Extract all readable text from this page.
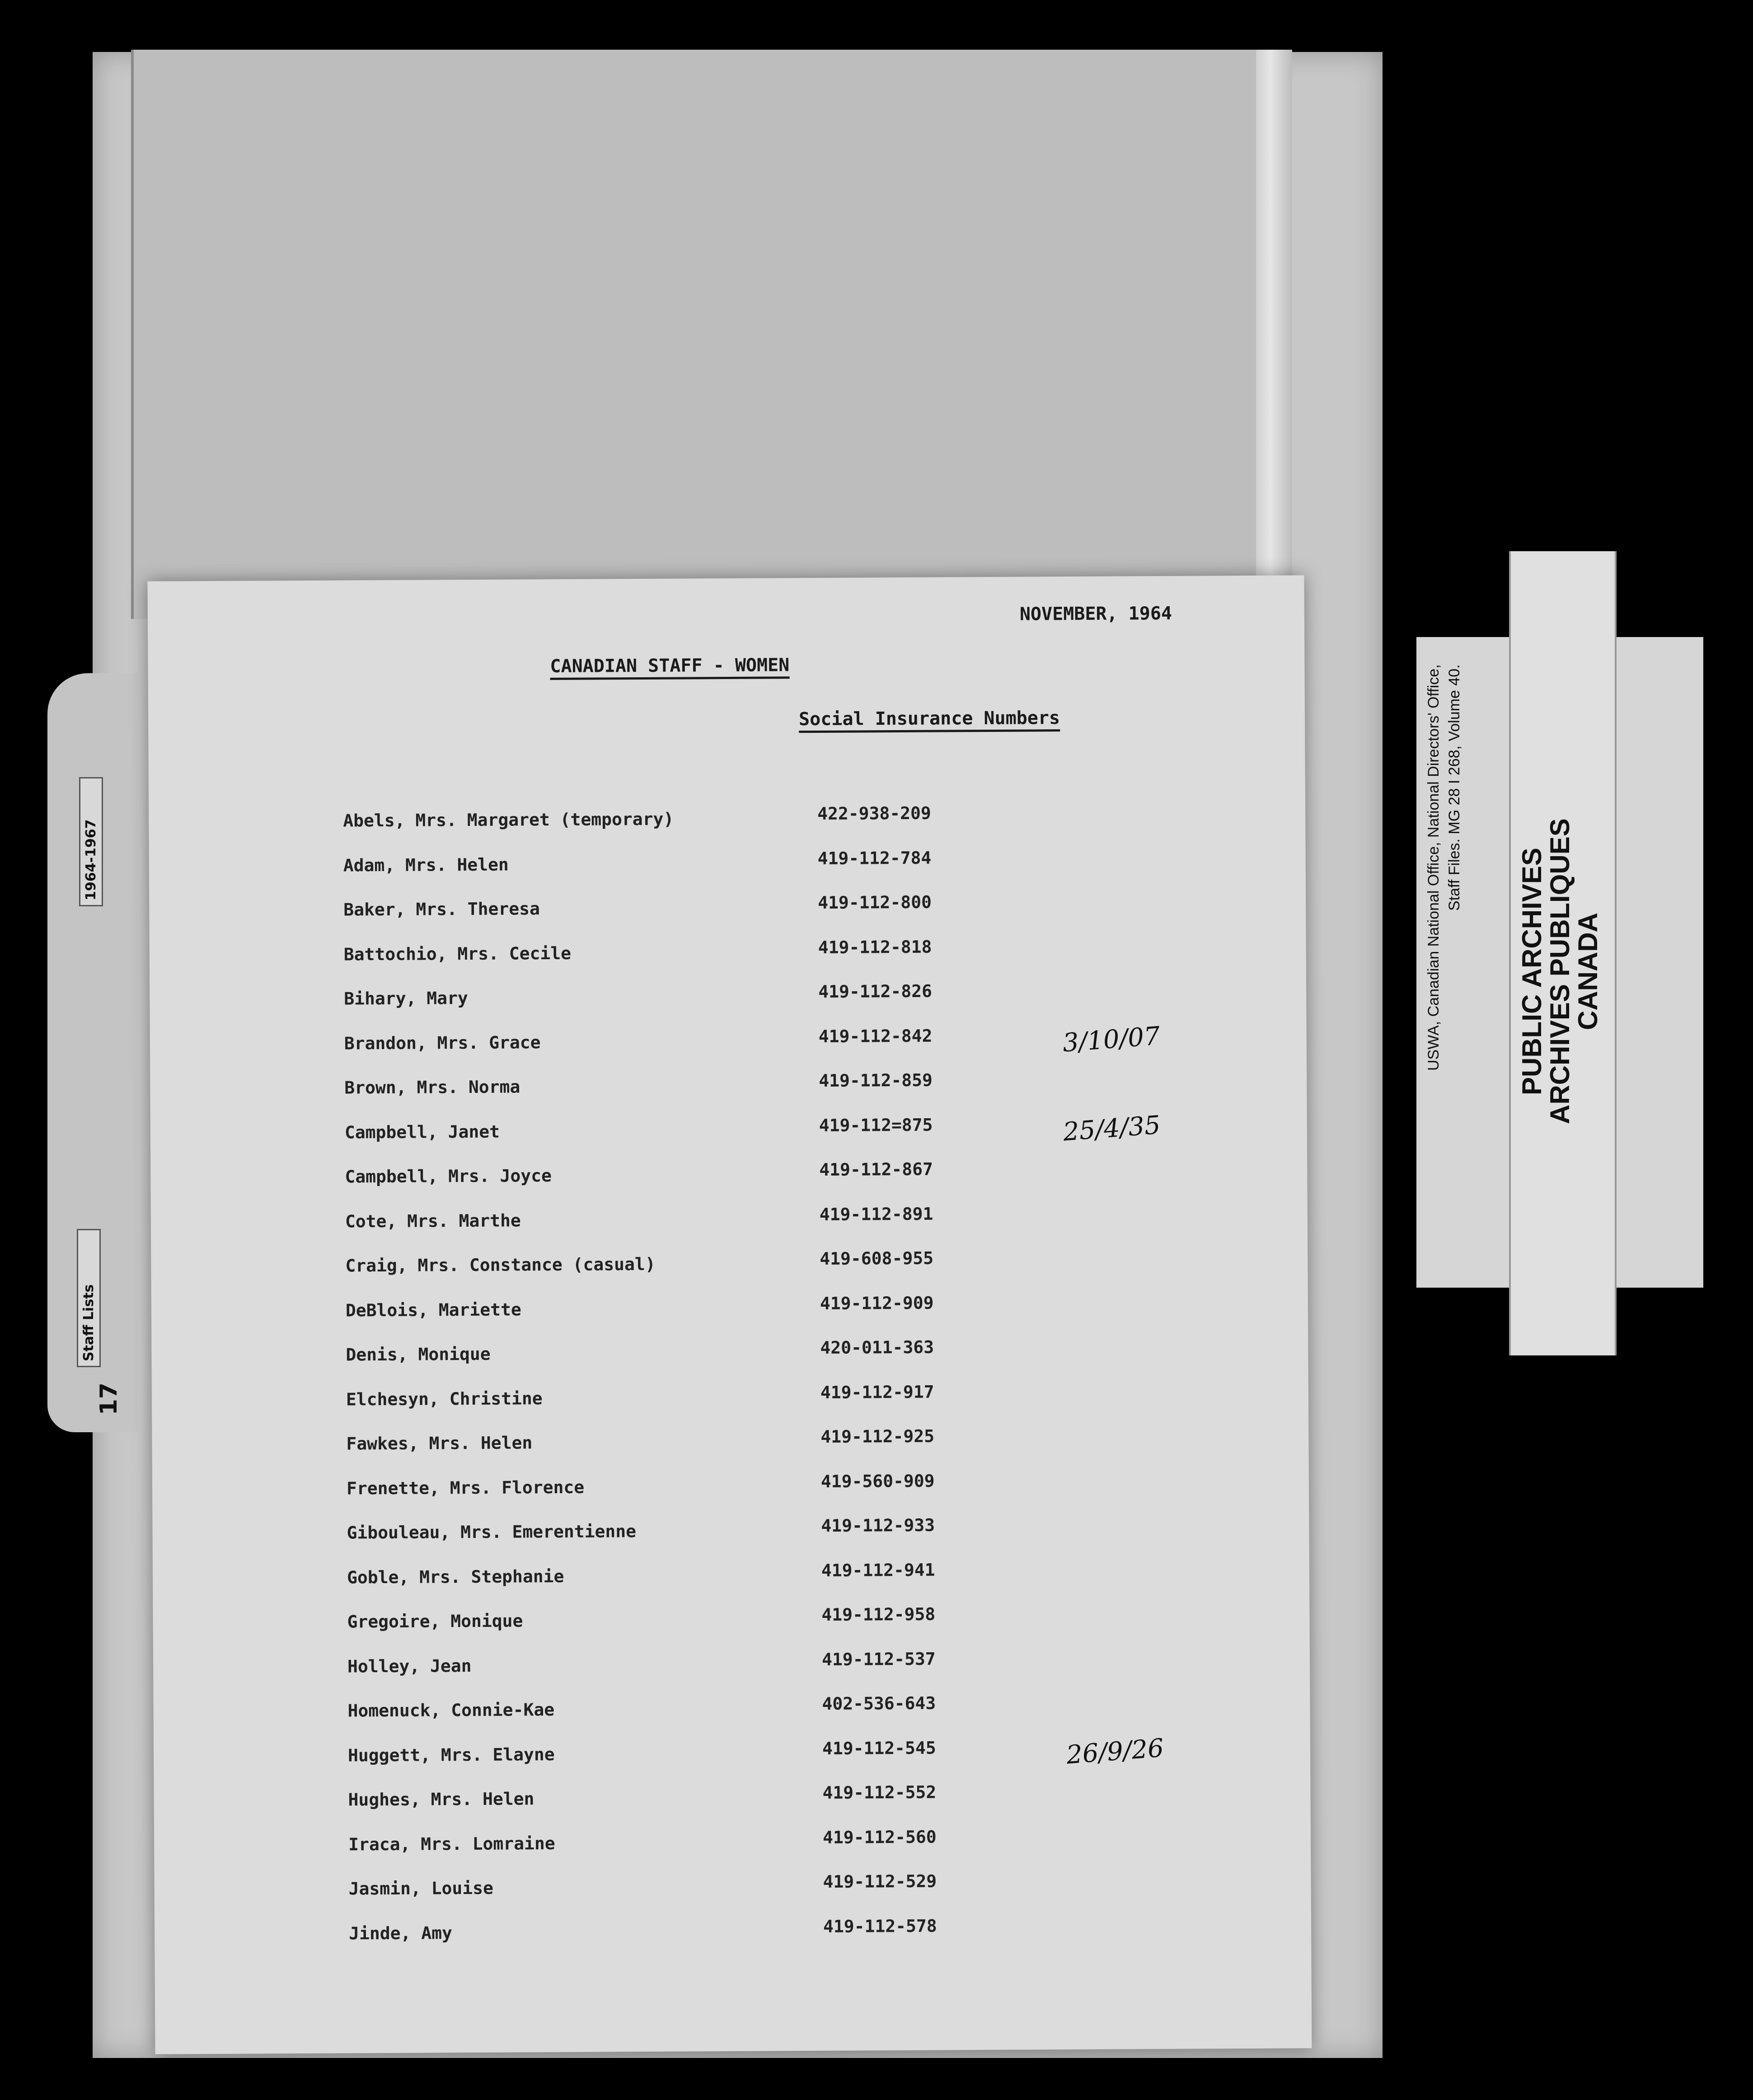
1964-1967
Staff Lists
17
NOVEMBER, 1964
CANADIAN STAFF - WOMEN
Social Insurance Numbers
Abels, Mrs. Margaret (temporary)	422-938-209
Adam, Mrs. Helen	419-112-784
Baker, Mrs. Theresa	419-112-800
Battochio, Mrs. Cecile	419-112-818
Bihary, Mary	419-112-826
Brandon, Mrs. Grace	419-112-842	3/10/07
Brown, Mrs. Norma	419-112-859
Campbell, Janet	419-112=875	25/4/35
Campbell, Mrs. Joyce	419-112-867
Cote, Mrs. Marthe	419-112-891
Craig, Mrs. Constance (casual)	419-608-955
DeBlois, Mariette	419-112-909
Denis, Monique	420-011-363
Elchesyn, Christine	419-112-917
Fawkes, Mrs. Helen	419-112-925
Frenette, Mrs. Florence	419-560-909
Gibouleau, Mrs. Emerentienne	419-112-933
Goble, Mrs. Stephanie	419-112-941
Gregoire, Monique	419-112-958
Holley, Jean	419-112-537
Homenuck, Connie-Kae	402-536-643
Huggett, Mrs. Elayne	419-112-545	26/9/26
Hughes, Mrs. Helen	419-112-552
Iraca, Mrs. Lomraine	419-112-560
Jasmin, Louise	419-112-529
Jinde, Amy	419-112-578
USWA, Canadian National Office, National Directors' Office, Staff Files. MG 28 I 268, Volume 40.
PUBLIC ARCHIVES
ARCHIVES PUBLIQUES
CANADA
